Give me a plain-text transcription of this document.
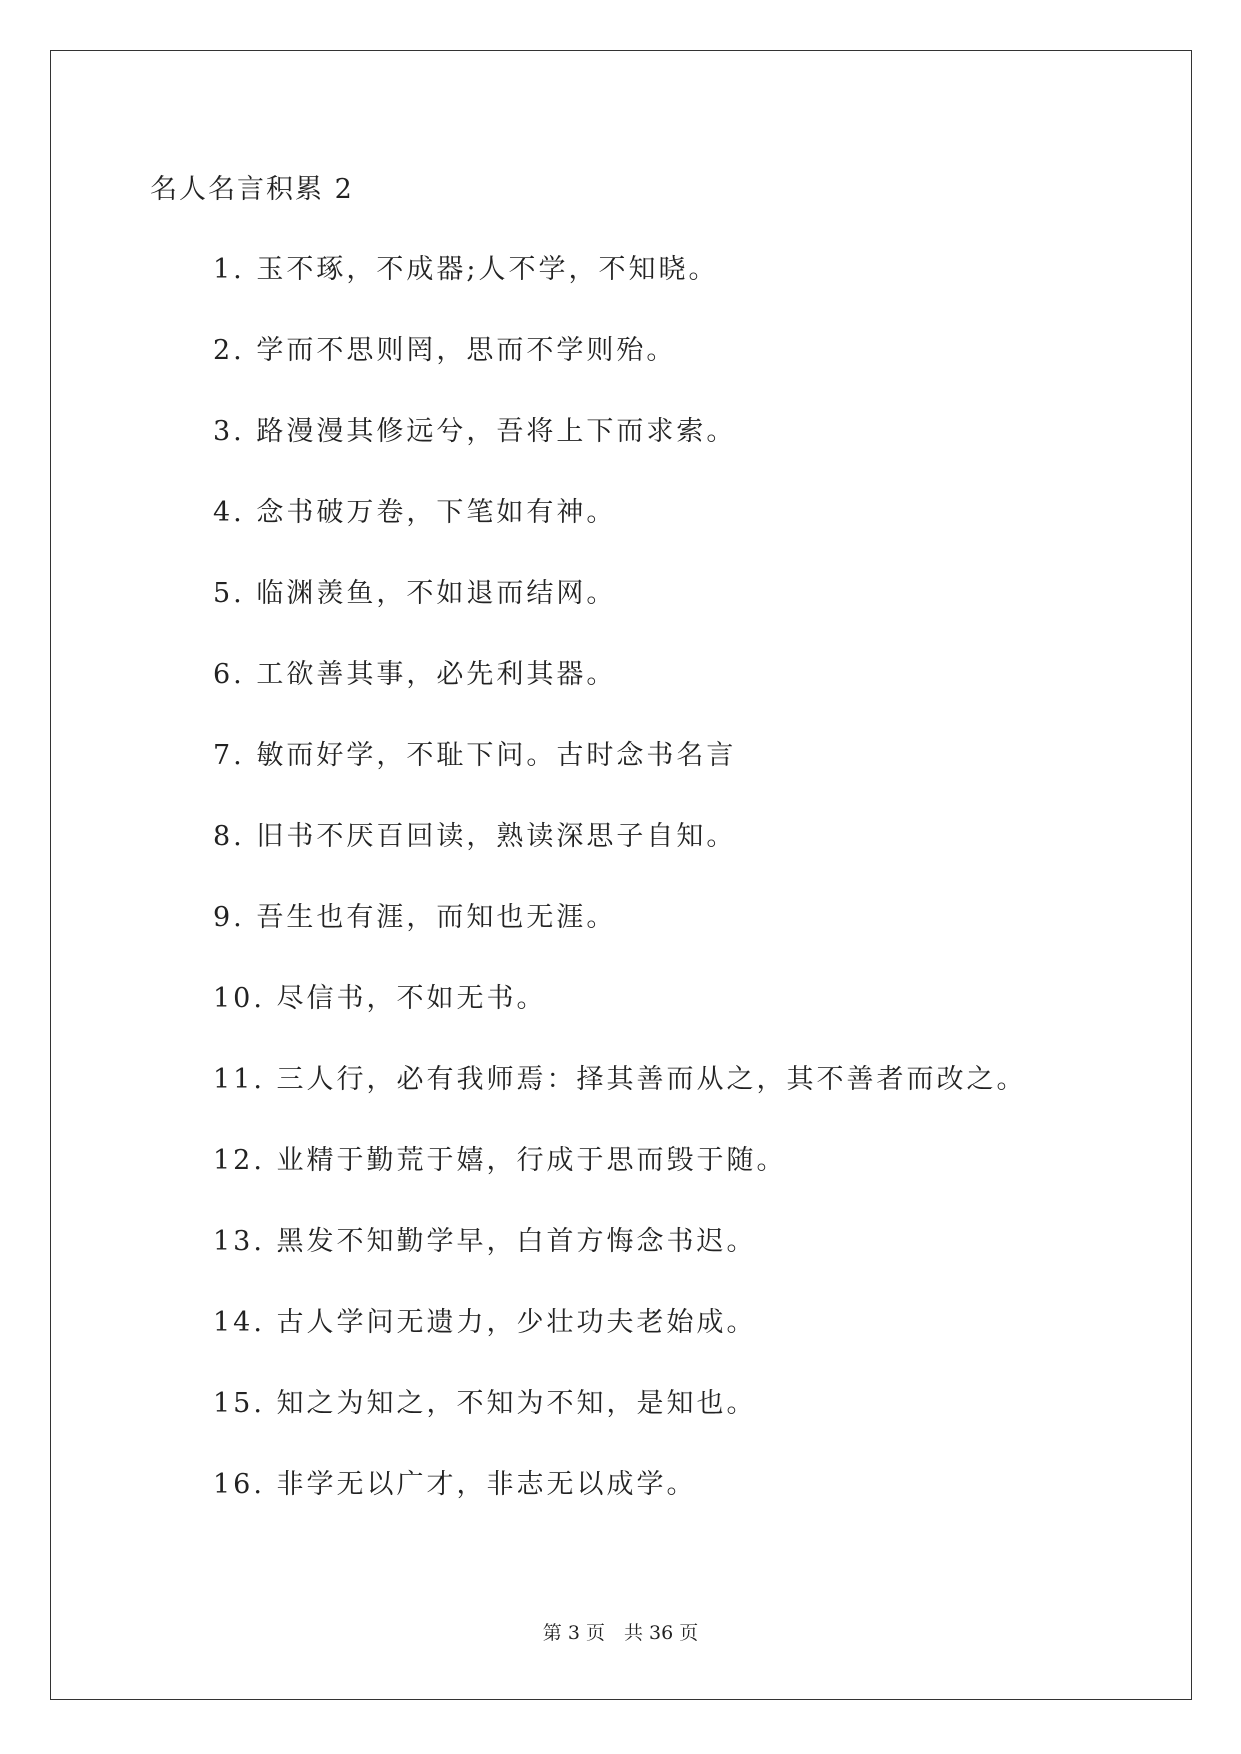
名人名言积累 2
1. 玉不琢，不成器;人不学，不知晓。
2. 学而不思则罔，思而不学则殆。
3. 路漫漫其修远兮，吾将上下而求索。
4. 念书破万卷，下笔如有神。
5. 临渊羡鱼，不如退而结网。
6. 工欲善其事，必先利其器。
7. 敏而好学，不耻下问。古时念书名言
8. 旧书不厌百回读，熟读深思子自知。
9. 吾生也有涯，而知也无涯。
10. 尽信书，不如无书。
11. 三人行，必有我师焉：择其善而从之，其不善者而改之。
12. 业精于勤荒于嬉，行成于思而毁于随。
13. 黑发不知勤学早，白首方悔念书迟。
14. 古人学问无遗力，少壮功夫老始成。
15. 知之为知之，不知为不知，是知也。
16. 非学无以广才，非志无以成学。
第 3 页　共 36 页
